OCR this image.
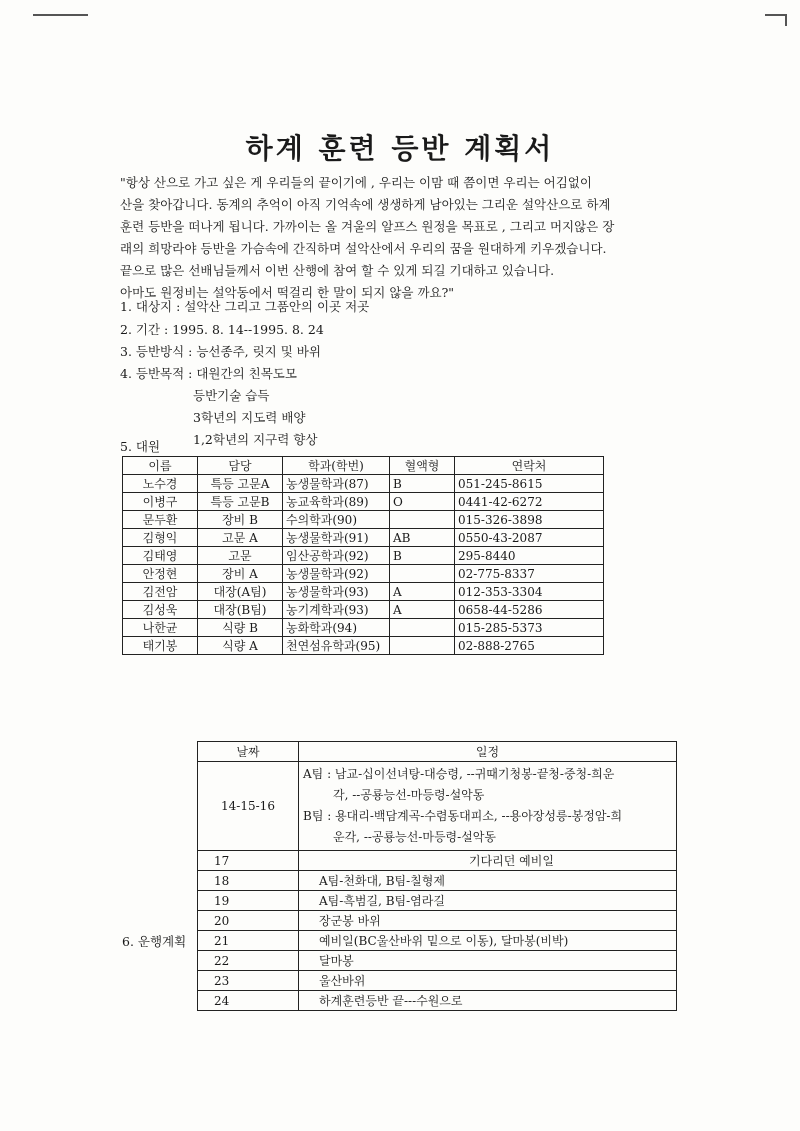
하계 훈련 등반 계획서
"항상 산으로 가고 싶은 게 우리들의 끝이기에 , 우리는 이맘 때 쯤이면 우리는 어김없이
산을 찾아갑니다. 동계의 추억이 아직 기억속에 생생하게 남아있는 그리운 설악산으로 하계
훈련 등반을 떠나게 됩니다. 가까이는 올 겨울의 알프스 원정을 목표로 , 그리고 머지않은 장
래의 희망라야 등반을 가슴속에 간직하며 설악산에서 우리의 꿈을 원대하게 키우겠습니다.
끝으로 많은 선배님들께서 이번 산행에 참여 할 수 있게 되길 기대하고 있습니다.
아마도 원정비는 설악동에서 떡걸리 한 말이 되지 않을 까요?"
1. 대상지 : 설악산 그리고 그품안의 이곳 저곳
2. 기간 : 1995. 8. 14--1995. 8. 24
3. 등반방식 : 능선종주, 릿지 및 바위
4. 등반목적 : 대원간의 친목도모
등반기술 습득
3학년의 지도력 배양
1,2학년의 지구력 향상
5. 대원
이름	담당	학과(학번)	혈액형	연락처
노수경	특등 고문A	농생물학과(87)	B	051-245-8615
이병구	특등 고문B	농교육학과(89)	O	0441-42-6272
문두환	장비 B	수의학과(90)		015-326-3898
김형익	고문 A	농생물학과(91)	AB	0550-43-2087
김태영	고문	임산공학과(92)	B	295-8440
안정현	장비 A	농생물학과(92)		02-775-8337
김전암	대장(A팀)	농생물학과(93)	A	012-353-3304
김성욱	대장(B팀)	농기계학과(93)	A	0658-44-5286
나한균	식량 B	농화학과(94)		015-285-5373
태기봉	식량 A	천연섬유학과(95)		02-888-2765
날짜	일정
14-15-16	A팀 : 남교-십이선녀탕-대승령, --귀때기청봉-끝청-중청-희운
각, --공룡능선-마등령-설악동
B팀 : 용대리-백담계곡-수렴동대피소, --용아장성릉-봉정암-희
운각, --공룡능선-마등령-설악동

17	기다리던 예비일
18	A팀-천화대, B팀-칠형제
19	A팀-흑범길, B팀-염라길
20	장군봉 바위
21	예비일(BC울산바위 밑으로 이동), 달마봉(비박)
22	달마봉
23	울산바위
24	하계훈련등반 끝---수원으로
6. 운행계획
